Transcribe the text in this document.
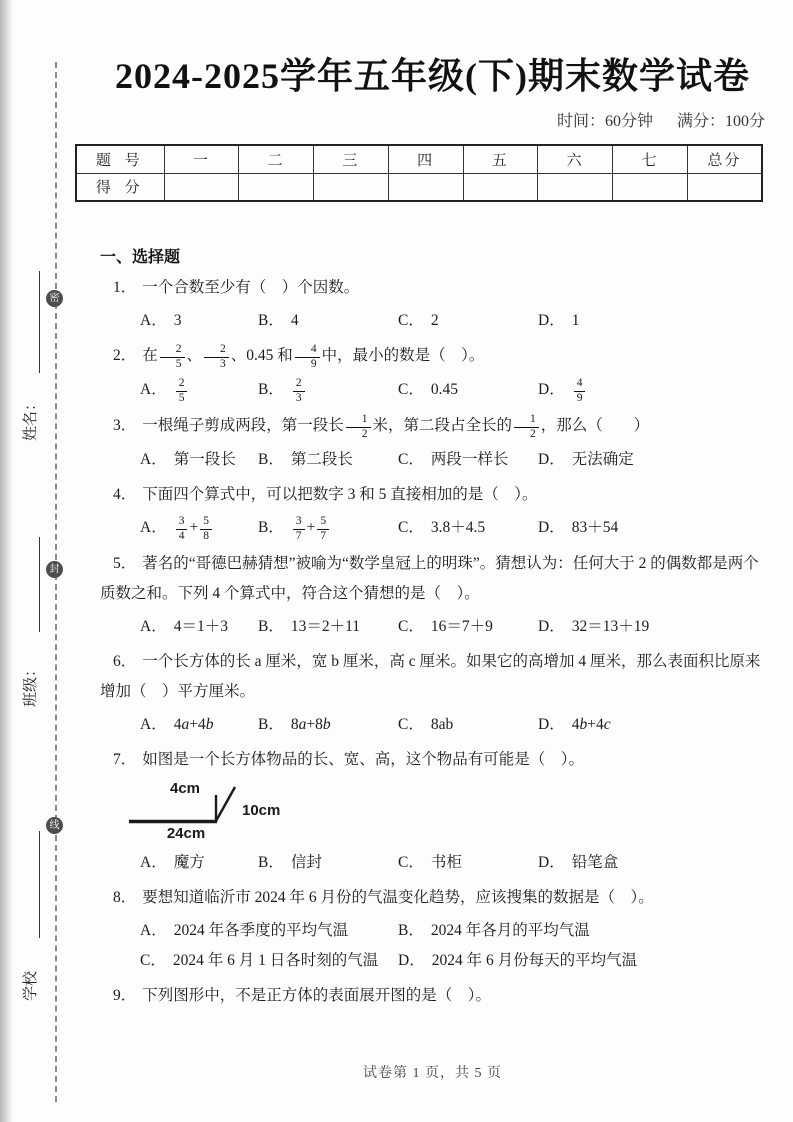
密
封
线
姓名：
班级：
学校
2024-2025学年五年级(下)期末数学试卷
时间：60分钟 满分：100分
题 号	一	二	三	四	五	六	七	总分
得 分								
一、选择题

1． 一个合数至少有（　）个因数。

A． 3	B． 4	C． 2	D． 1

2． 在 $\frac{2}{5}$ 、 $\frac{2}{3}$ 、0.45 和 $\frac{4}{9}$ 中，最小的数是（　）。

A． $\frac{2}{5}$	B． $\frac{2}{3}$	C． 0.45	D． $\frac{4}{9}$

3． 一根绳子剪成两段，第一段长 $\frac{1}{2}$ 米，第二段占全长的 $\frac{1}{2}$ ，那么（　　）

A． 第一段长	B． 第二段长	C． 两段一样长	D． 无法确定

4． 下面四个算式中，可以把数字 3 和 5 直接相加的是（　）。

A． $\frac{3}{4} + \frac{5}{8}$	B． $\frac{3}{7} + \frac{5}{7}$	C． 3.8＋4.5	D． 83＋54

5． 著名的“哥德巴赫猜想”被喻为“数学皇冠上的明珠”。猜想认为：任何大于 2 的偶数都是两个质数之和。下列 4 个算式中，符合这个猜想的是（　）。

A． 4＝1＋3	B． 13＝2＋11	C． 16＝7＋9	D． 32＝13＋19

6． 一个长方体的长 a 厘米，宽 b 厘米，高 c 厘米。如果它的高增加 4 厘米，那么表面积比原来增加（　）平方厘米。

A． 4a+4b	B． 8a+8b	C． 8ab	D． 4b+4c

7． 如图是一个长方体物品的长、宽、高，这个物品有可能是（　）。

4cm
24cm
10cm
A． 魔方	B． 信封	C． 书柜	D． 铅笔盒

8． 要想知道临沂市 2024 年 6 月份的气温变化趋势，应该搜集的数据是（　）。

A． 2024 年各季度的平均气温	B． 2024 年各月的平均气温
C． 2024 年 6 月 1 日各时刻的气温	D． 2024 年 6 月份每天的平均气温

9． 下列图形中，不是正方体的表面展开图的是（　）。

试卷第 1 页，共 5 页
